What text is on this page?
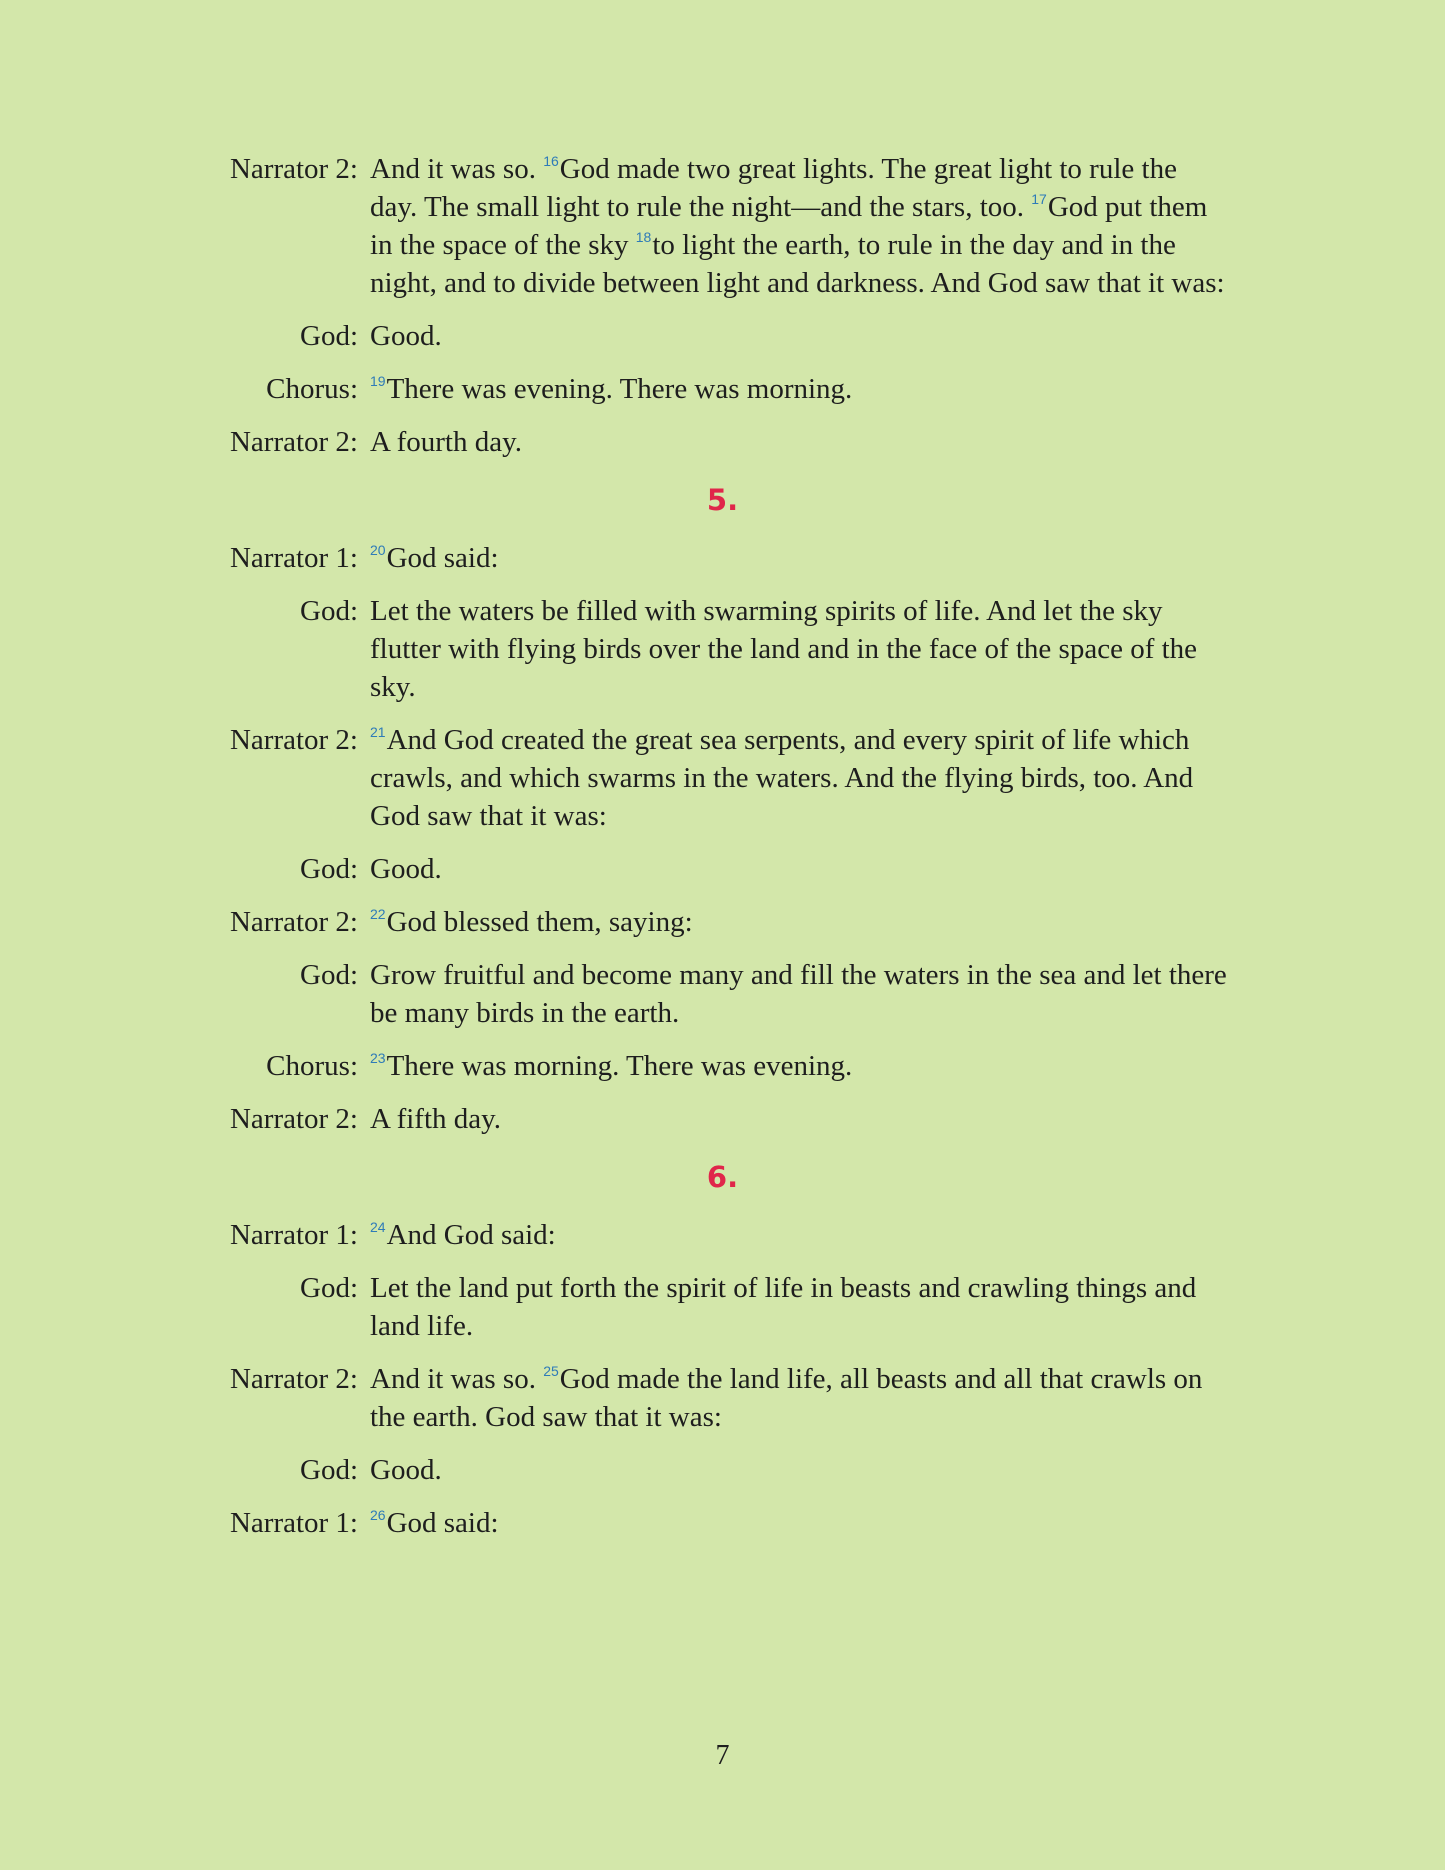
Narrator 2: And it was so. $^{16}$God made two great lights. The great light to rule the day. The small light to rule the night—and the stars, too. $^{17}$God put them in the space of the sky $^{18}$to light the earth, to rule in the day and in the night, and to divide between light and darkness. And God saw that it was:
God: Good.
Chorus: $^{19}$There was evening. There was morning.
Narrator 2: A fourth day.
5.
Narrator 1: $^{20}$God said:
God: Let the waters be filled with swarming spirits of life. And let the sky flutter with flying birds over the land and in the face of the space of the sky.
Narrator 2: $^{21}$And God created the great sea serpents, and every spirit of life which crawls, and which swarms in the waters. And the flying birds, too. And God saw that it was:
God: Good.
Narrator 2: $^{22}$God blessed them, saying:
God: Grow fruitful and become many and fill the waters in the sea and let there be many birds in the earth.
Chorus: $^{23}$There was morning. There was evening.
Narrator 2: A fifth day.
6.
Narrator 1: $^{24}$And God said:
God: Let the land put forth the spirit of life in beasts and crawling things and land life.
Narrator 2: And it was so. $^{25}$God made the land life, all beasts and all that crawls on the earth. God saw that it was:
God: Good.
Narrator 1: $^{26}$God said:
7
